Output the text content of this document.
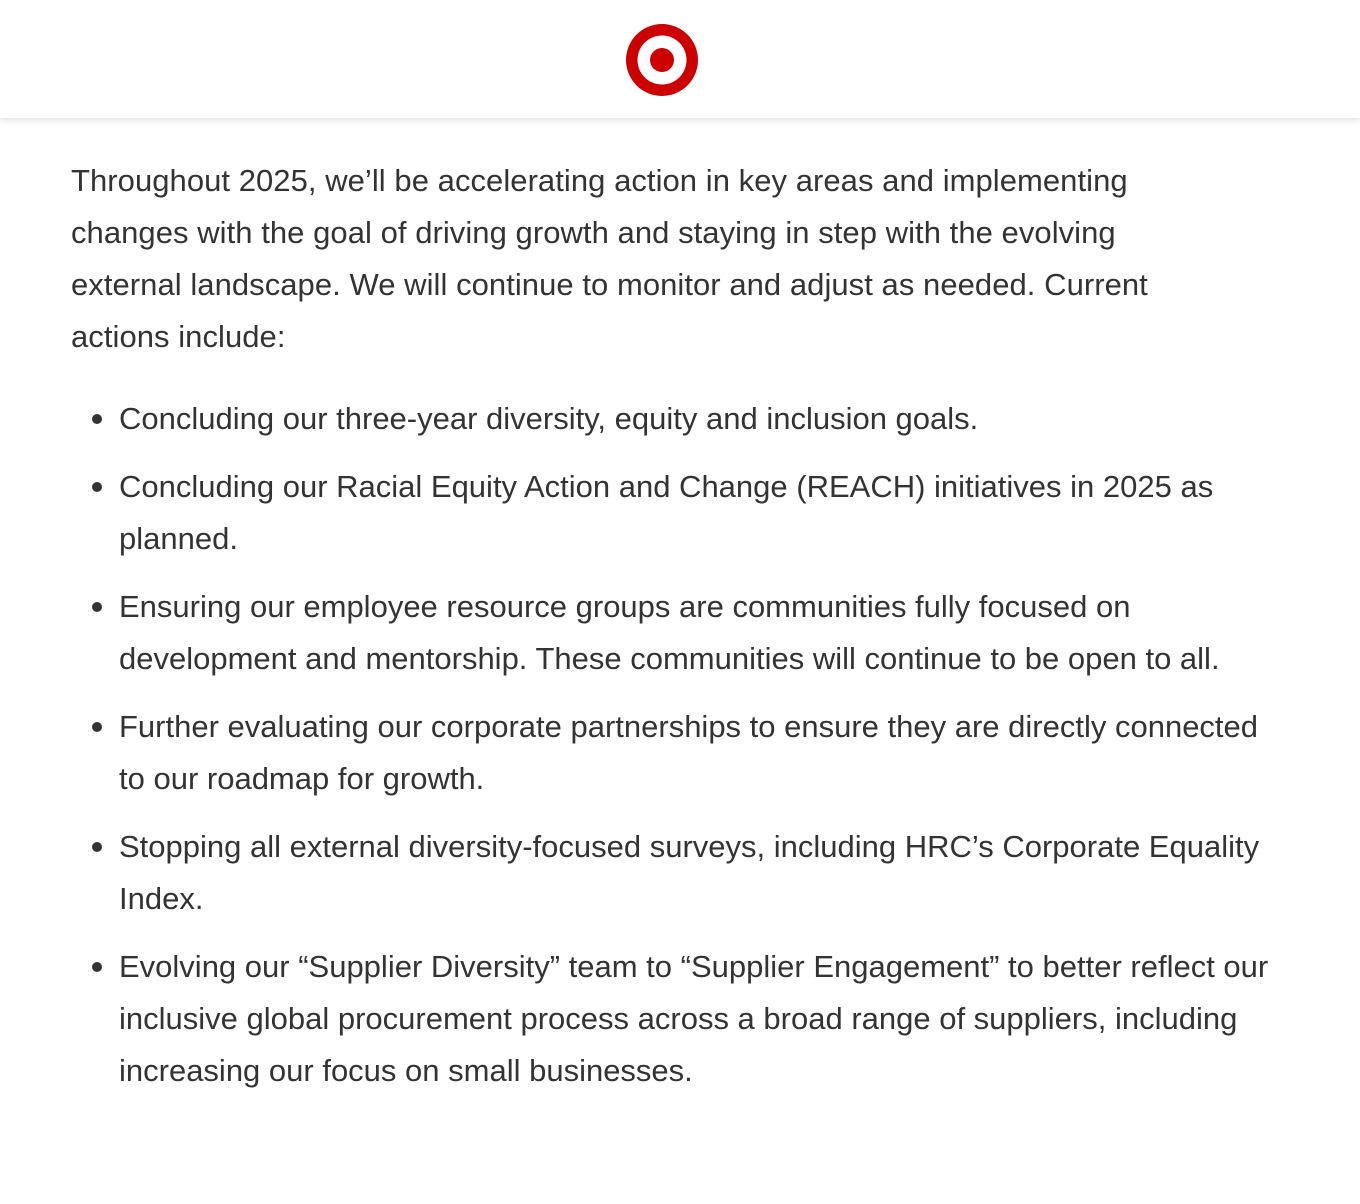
Throughout 2025, we’ll be accelerating action in key areas and implementing changes with the goal of driving growth and staying in step with the evolving external landscape. We will continue to monitor and adjust as needed. Current actions include:

Concluding our three-year diversity, equity and inclusion goals.
Concluding our Racial Equity Action and Change (REACH) initiatives in 2025 as planned.
Ensuring our employee resource groups are communities fully focused on development and mentorship. These communities will continue to be open to all.
Further evaluating our corporate partnerships to ensure they are directly connected to our roadmap for growth.
Stopping all external diversity-focused surveys, including HRC’s Corporate Equality Index.
Evolving our “Supplier Diversity” team to “Supplier Engagement” to better reflect our inclusive global procurement process across a broad range of suppliers, including increasing our focus on small businesses.
